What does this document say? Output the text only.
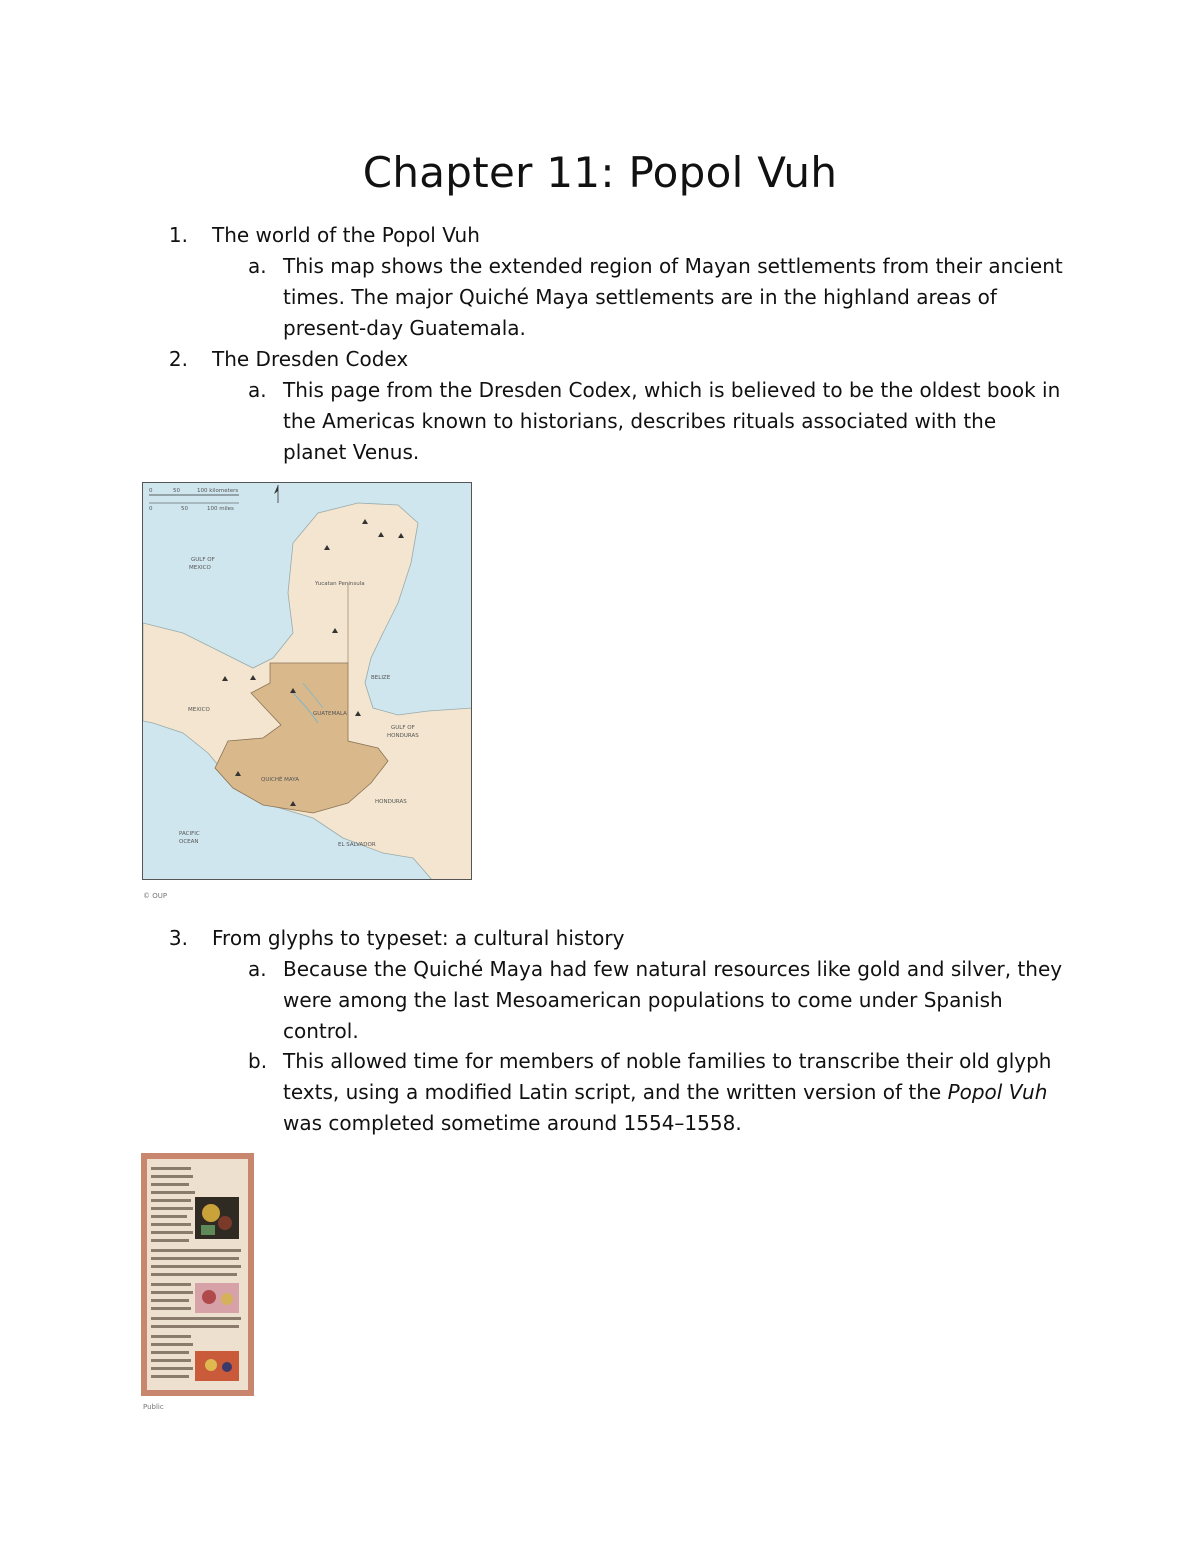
Chapter 11: Popol Vuh
1. The world of the Popol Vuh
a. This map shows the extended region of Mayan settlements from their ancient times. The major Quiché Maya settlements are in the highland areas of present-day Guatemala.
2. The Dresden Codex
a. This page from the Dresden Codex, which is believed to be the oldest book in the Americas known to historians, describes rituals associated with the planet Venus.
0	50	100 kilometers
0	50	100 miles
GULF OF
MEXICO
Yucatan Peninsula
MEXICO
BELIZE
GUATEMALA
GULF OF
HONDURAS
QUICHÉ MAYA
HONDURAS
PACIFIC
OCEAN	EL SALVADOR
© OUP
3. From glyphs to typeset: a cultural history
a. Because the Quiché Maya had few natural resources like gold and silver, they were among the last Mesoamerican populations to come under Spanish control.
b. This allowed time for members of noble families to transcribe their old glyph texts, using a modified Latin script, and the written version of the Popol Vuh was completed sometime around 1554–1558.
Public
